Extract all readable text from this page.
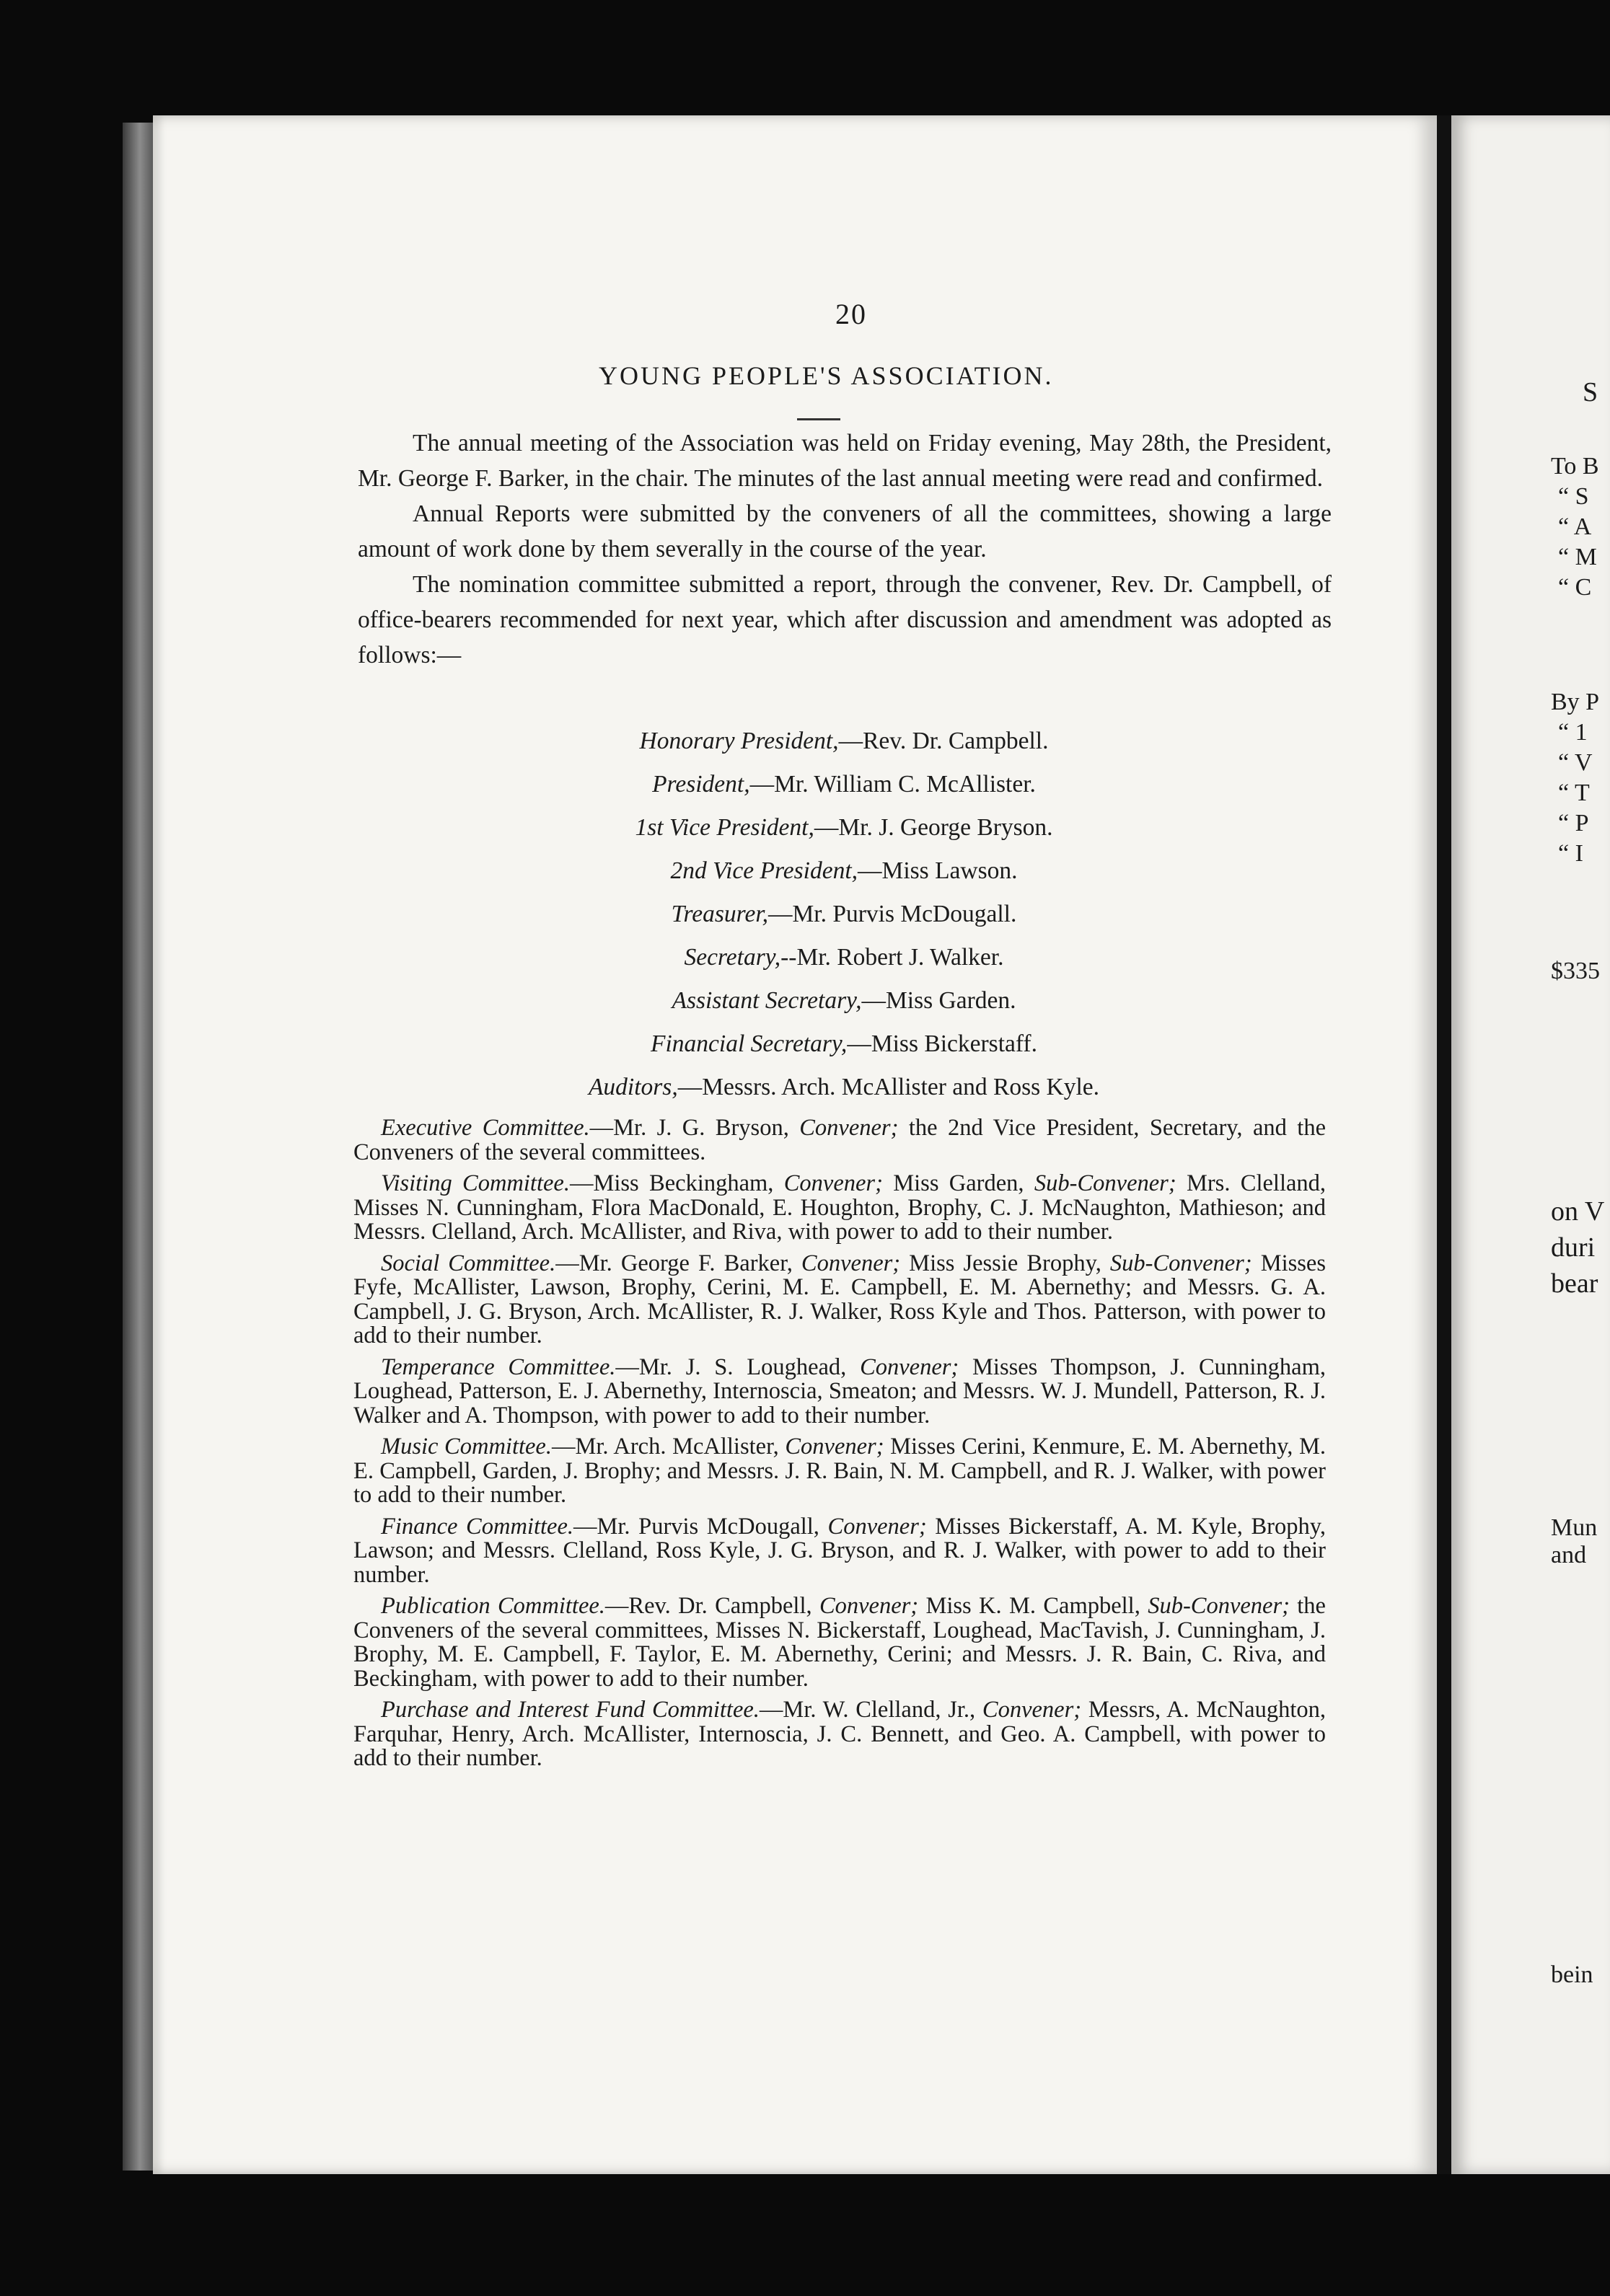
20
YOUNG PEOPLE'S ASSOCIATION.

The annual meeting of the Association was held on Friday evening, May 28th, the President, Mr. George F. Barker, in the chair. The minutes of the last annual meeting were read and confirmed.

Annual Reports were submitted by the conveners of all the committees, showing a large amount of work done by them severally in the course of the year.

The nomination committee submitted a report, through the convener, Rev. Dr. Campbell, of office-bearers recommended for next year, which after discussion and amendment was adopted as follows:—

Honorary President,—Rev. Dr. Campbell.
President,—Mr. William C. McAllister.
1st Vice President,—Mr. J. George Bryson.
2nd Vice President,—Miss Lawson.
Treasurer,—Mr. Purvis McDougall.
Secretary,--Mr. Robert J. Walker.
Assistant Secretary,—Miss Garden.
Financial Secretary,—Miss Bickerstaff.
Auditors,—Messrs. Arch. McAllister and Ross Kyle.

Executive Committee.—Mr. J. G. Bryson, Convener; the 2nd Vice President, Secretary, and the Conveners of the several committees.

Visiting Committee.—Miss Beckingham, Convener; Miss Garden, Sub-Convener; Mrs. Clelland, Misses N. Cunningham, Flora MacDonald, E. Houghton, Brophy, C. J. McNaughton, Mathieson; and Messrs. Clelland, Arch. McAllister, and Riva, with power to add to their number.

Social Committee.—Mr. George F. Barker, Convener; Miss Jessie Brophy, Sub-Convener; Misses Fyfe, McAllister, Lawson, Brophy, Cerini, M. E. Campbell, E. M. Abernethy; and Messrs. G. A. Campbell, J. G. Bryson, Arch. McAllister, R. J. Walker, Ross Kyle and Thos. Patterson, with power to add to their number.

Temperance Committee.—Mr. J. S. Loughead, Convener; Misses Thompson, J. Cunningham, Loughead, Patterson, E. J. Abernethy, Internoscia, Smeaton; and Messrs. W. J. Mundell, Patterson, R. J. Walker and A. Thompson, with power to add to their number.

Music Committee.—Mr. Arch. McAllister, Convener; Misses Cerini, Kenmure, E. M. Abernethy, M. E. Campbell, Garden, J. Brophy; and Messrs. J. R. Bain, N. M. Campbell, and R. J. Walker, with power to add to their number.

Finance Committee.—Mr. Purvis McDougall, Convener; Misses Bickerstaff, A. M. Kyle, Brophy, Lawson; and Messrs. Clelland, Ross Kyle, J. G. Bryson, and R. J. Walker, with power to add to their number.

Publication Committee.—Rev. Dr. Campbell, Convener; Miss K. M. Campbell, Sub-Convener; the Conveners of the several committees, Misses N. Bickerstaff, Loughead, MacTavish, J. Cunningham, J. Brophy, M. E. Campbell, F. Taylor, E. M. Abernethy, Cerini; and Messrs. J. R. Bain, C. Riva, and Beckingham, with power to add to their number.

Purchase and Interest Fund Committee.—Mr. W. Clelland, Jr., Convener; Messrs, A. McNaughton, Farquhar, Henry, Arch. McAllister, Internoscia, J. C. Bennett, and Geo. A. Campbell, with power to add to their number.

S
To B
“ S
“ A
“ M
“ C
By P
“ 1
“ V
“ T
“ P
“ I
$335
on V
duri
bear
Mun
and
bein
